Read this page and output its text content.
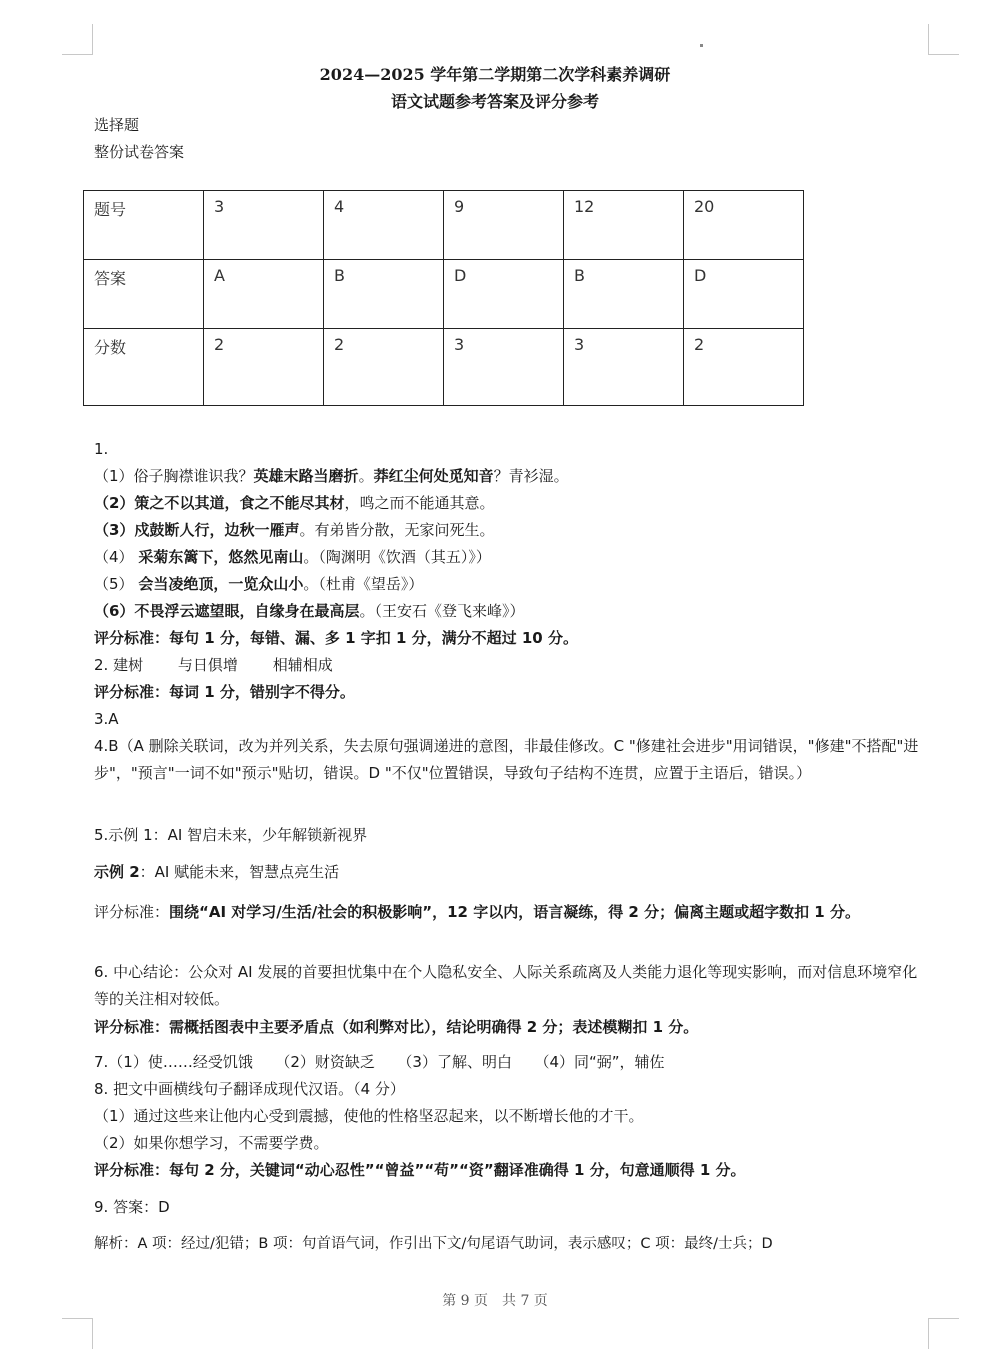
2024—2025 学年第二学期第二次学科素养调研
语文试题参考答案及评分参考
选择题
整份试卷答案
题号	3	4	9	12	20
答案	A	B	D	B	D
分数	2	2	3	3	2
1.
（1）俗子胸襟谁识我？英雄末路当磨折。莽红尘何处觅知音？青衫湿。
（2）策之不以其道，食之不能尽其材，鸣之而不能通其意。
（3）戍鼓断人行，边秋一雁声。有弟皆分散，无家问死生。
（4） 采菊东篱下，悠然见南山。（陶渊明《饮酒（其五）》）
（5） 会当凌绝顶，一览众山小。（杜甫《望岳》）
（6）不畏浮云遮望眼，自缘身在最高层。（王安石《登飞来峰》）
评分标准：每句 1 分，每错、漏、多 1 字扣 1 分，满分不超过 10 分。
2. 建树 与日俱增 相辅相成
评分标准：每词 1 分，错别字不得分。
3.A
4.B（A 删除关联词，改为并列关系，失去原句强调递进的意图，非最佳修改。C "修建社会进步"用词错误，"修建"不搭配"进步"，"预言"一词不如"预示"贴切，错误。D "不仅"位置错误，导致句子结构不连贯，应置于主语后，错误。）
5.示例 1：AI 智启未来，少年解锁新视界
示例 2：AI 赋能未来，智慧点亮生活
评分标准：围绕“AI 对学习/生活/社会的积极影响”，12 字以内，语言凝练，得 2 分；偏离主题或超字数扣 1 分。
6. 中心结论：公众对 AI 发展的首要担忧集中在个人隐私安全、人际关系疏离及人类能力退化等现实影响，而对信息环境窄化等的关注相对较低。
评分标准：需概括图表中主要矛盾点（如利弊对比），结论明确得 2 分；表述模糊扣 1 分。
7.（1）使……经受饥饿　　（2）财资缺乏　　（3）了解、明白　　（4）同“弼”，辅佐
8. 把文中画横线句子翻译成现代汉语。（4 分）
（1）通过这些来让他内心受到震撼，使他的性格坚忍起来，以不断增长他的才干。
（2）如果你想学习，不需要学费。
评分标准：每句 2 分，关键词“动心忍性”“曾益”“苟”“资”翻译准确得 1 分，句意通顺得 1 分。
9. 答案：D
解析：A 项：经过/犯错；B 项：句首语气词，作引出下文/句尾语气助词，表示感叹；C 项：最终/士兵；D
第 9 页　共 7 页
